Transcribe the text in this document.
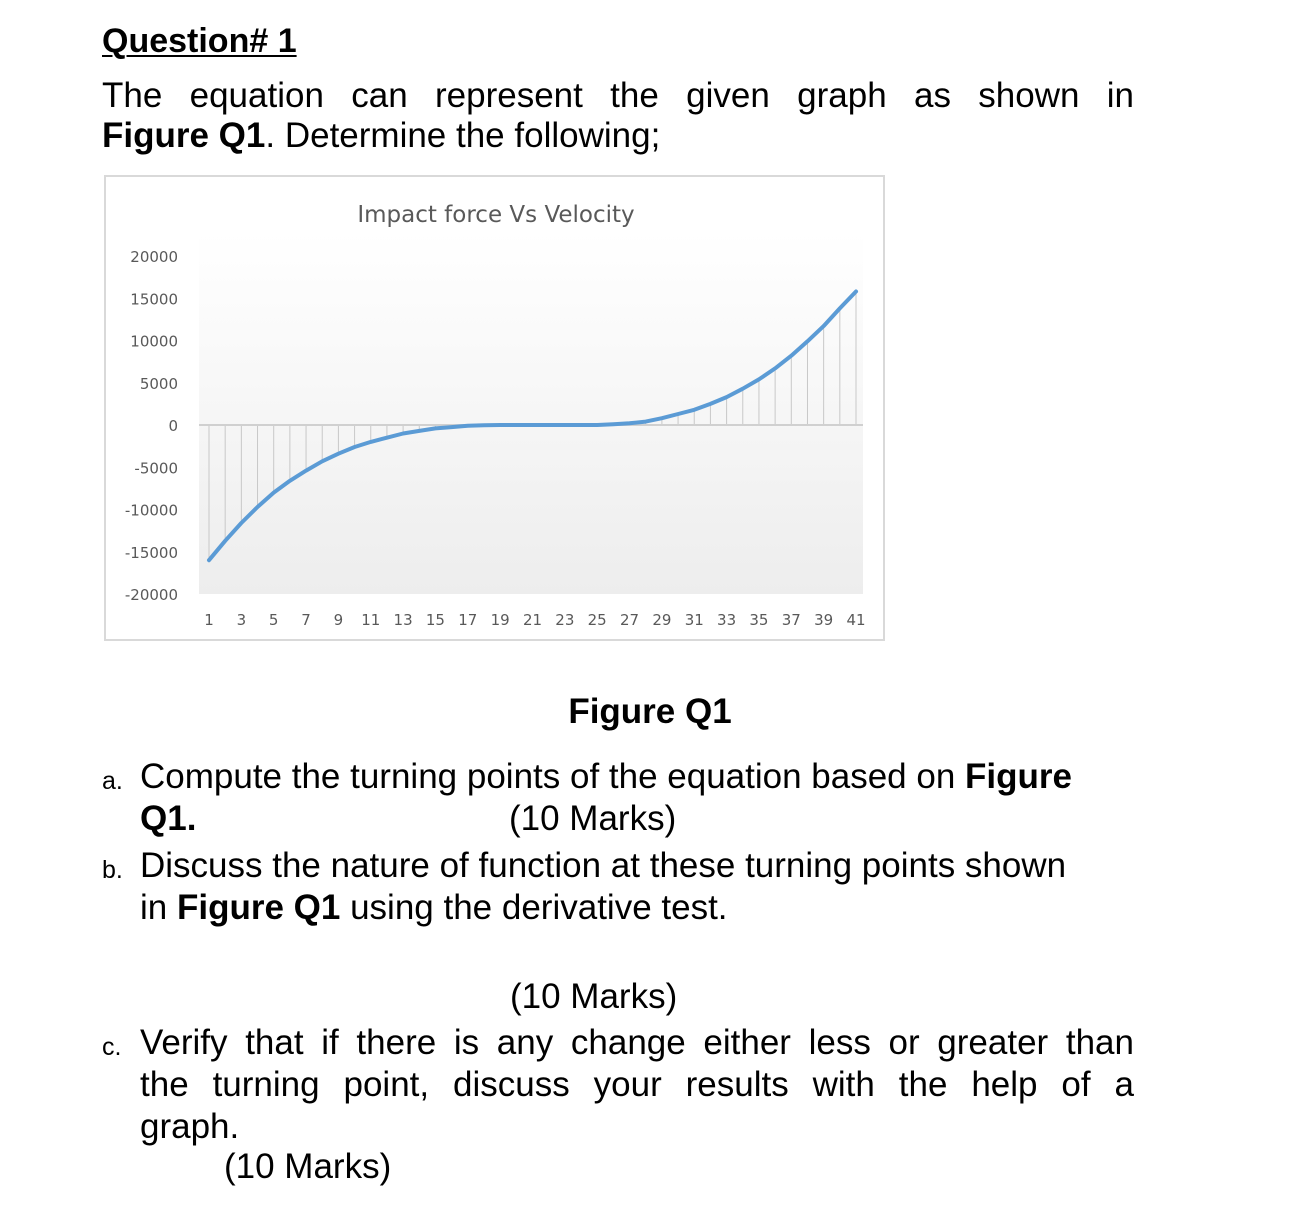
Question# 1

The equation can represent the given graph as shown in
Figure Q1. Determine the following;

Impact force Vs Velocity
20000
15000
10000
5000
0
-5000
-10000
-15000
-20000
1 3 5 7 9 11 13 15 17 19 21 23 25 27 29 31 33 35 37 39 41

Figure Q1

a. Compute the turning points of the equation based on Figure
Q1.	(10 Marks)
b. Discuss the nature of function at these turning points shown
in Figure Q1 using the derivative test.
(10 Marks)
c. Verify that if there is any change either less or greater than
the turning point, discuss your results with the help of a
graph.
(10 Marks)
